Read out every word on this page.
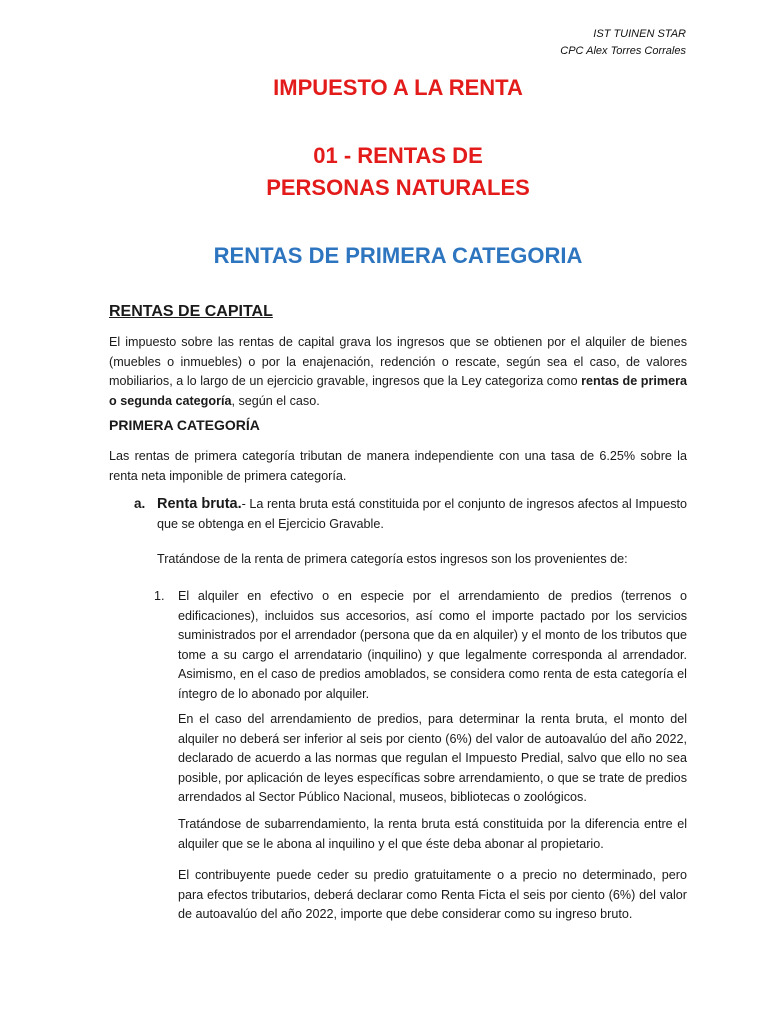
IST TUINEN STAR
CPC Alex Torres Corrales
IMPUESTO A LA RENTA
01 - RENTAS DE
PERSONAS NATURALES
RENTAS DE PRIMERA CATEGORIA
RENTAS DE CAPITAL
El impuesto sobre las rentas de capital grava los ingresos que se obtienen por el alquiler de bienes (muebles o inmuebles) o por la enajenación, redención o rescate, según sea el caso, de valores mobiliarios, a lo largo de un ejercicio gravable, ingresos que la Ley categoriza como rentas de primera o segunda categoría, según el caso.
PRIMERA CATEGORÍA
Las rentas de primera categoría tributan de manera independiente con una tasa de 6.25% sobre la renta neta imponible de primera categoría.
a. Renta bruta.- La renta bruta está constituida por el conjunto de ingresos afectos al Impuesto que se obtenga en el Ejercicio Gravable.
Tratándose de la renta de primera categoría estos ingresos son los provenientes de:
1. El alquiler en efectivo o en especie por el arrendamiento de predios (terrenos o edificaciones), incluidos sus accesorios, así como el importe pactado por los servicios suministrados por el arrendador (persona que da en alquiler) y el monto de los tributos que tome a su cargo el arrendatario (inquilino) y que legalmente corresponda al arrendador. Asimismo, en el caso de predios amoblados, se considera como renta de esta categoría el íntegro de lo abonado por alquiler.
En el caso del arrendamiento de predios, para determinar la renta bruta, el monto del alquiler no deberá ser inferior al seis por ciento (6%) del valor de autoavalúo del año 2022, declarado de acuerdo a las normas que regulan el Impuesto Predial, salvo que ello no sea posible, por aplicación de leyes específicas sobre arrendamiento, o que se trate de predios arrendados al Sector Público Nacional, museos, bibliotecas o zoológicos.
Tratándose de subarrendamiento, la renta bruta está constituida por la diferencia entre el alquiler que se le abona al inquilino y el que éste deba abonar al propietario.
El contribuyente puede ceder su predio gratuitamente o a precio no determinado, pero para efectos tributarios, deberá declarar como Renta Ficta el seis por ciento (6%) del valor de autoavalúo del año 2022, importe que debe considerar como su ingreso bruto.
